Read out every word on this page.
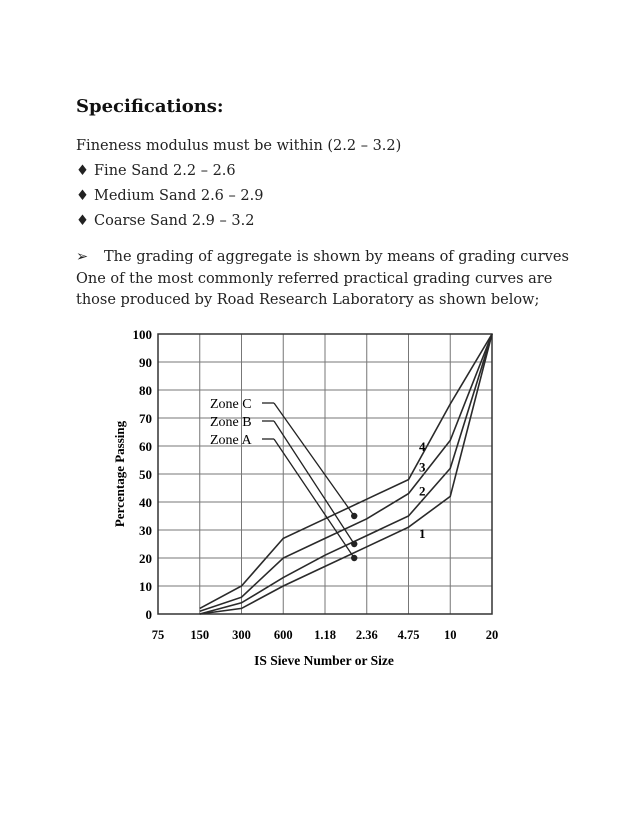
Specifications:

Fineness modulus must be within (2.2 – 3.2)

♦ Fine Sand 2.2 – 2.6

♦ Medium Sand 2.6 – 2.9

♦ Coarse Sand 2.9 – 3.2

➢ The grading of aggregate is shown by means of grading curves
One of the most commonly referred practical grading curves are
those produced by Road Research Laboratory as shown below;
0
10
20
30
40
50
60
70
80
90
100
75 150 300 600 1.18 2.36 4.75 10 20
1
2
3
4
Zone C
Zone B
Zone A
Percentage Passing
IS Sieve Number or Size
